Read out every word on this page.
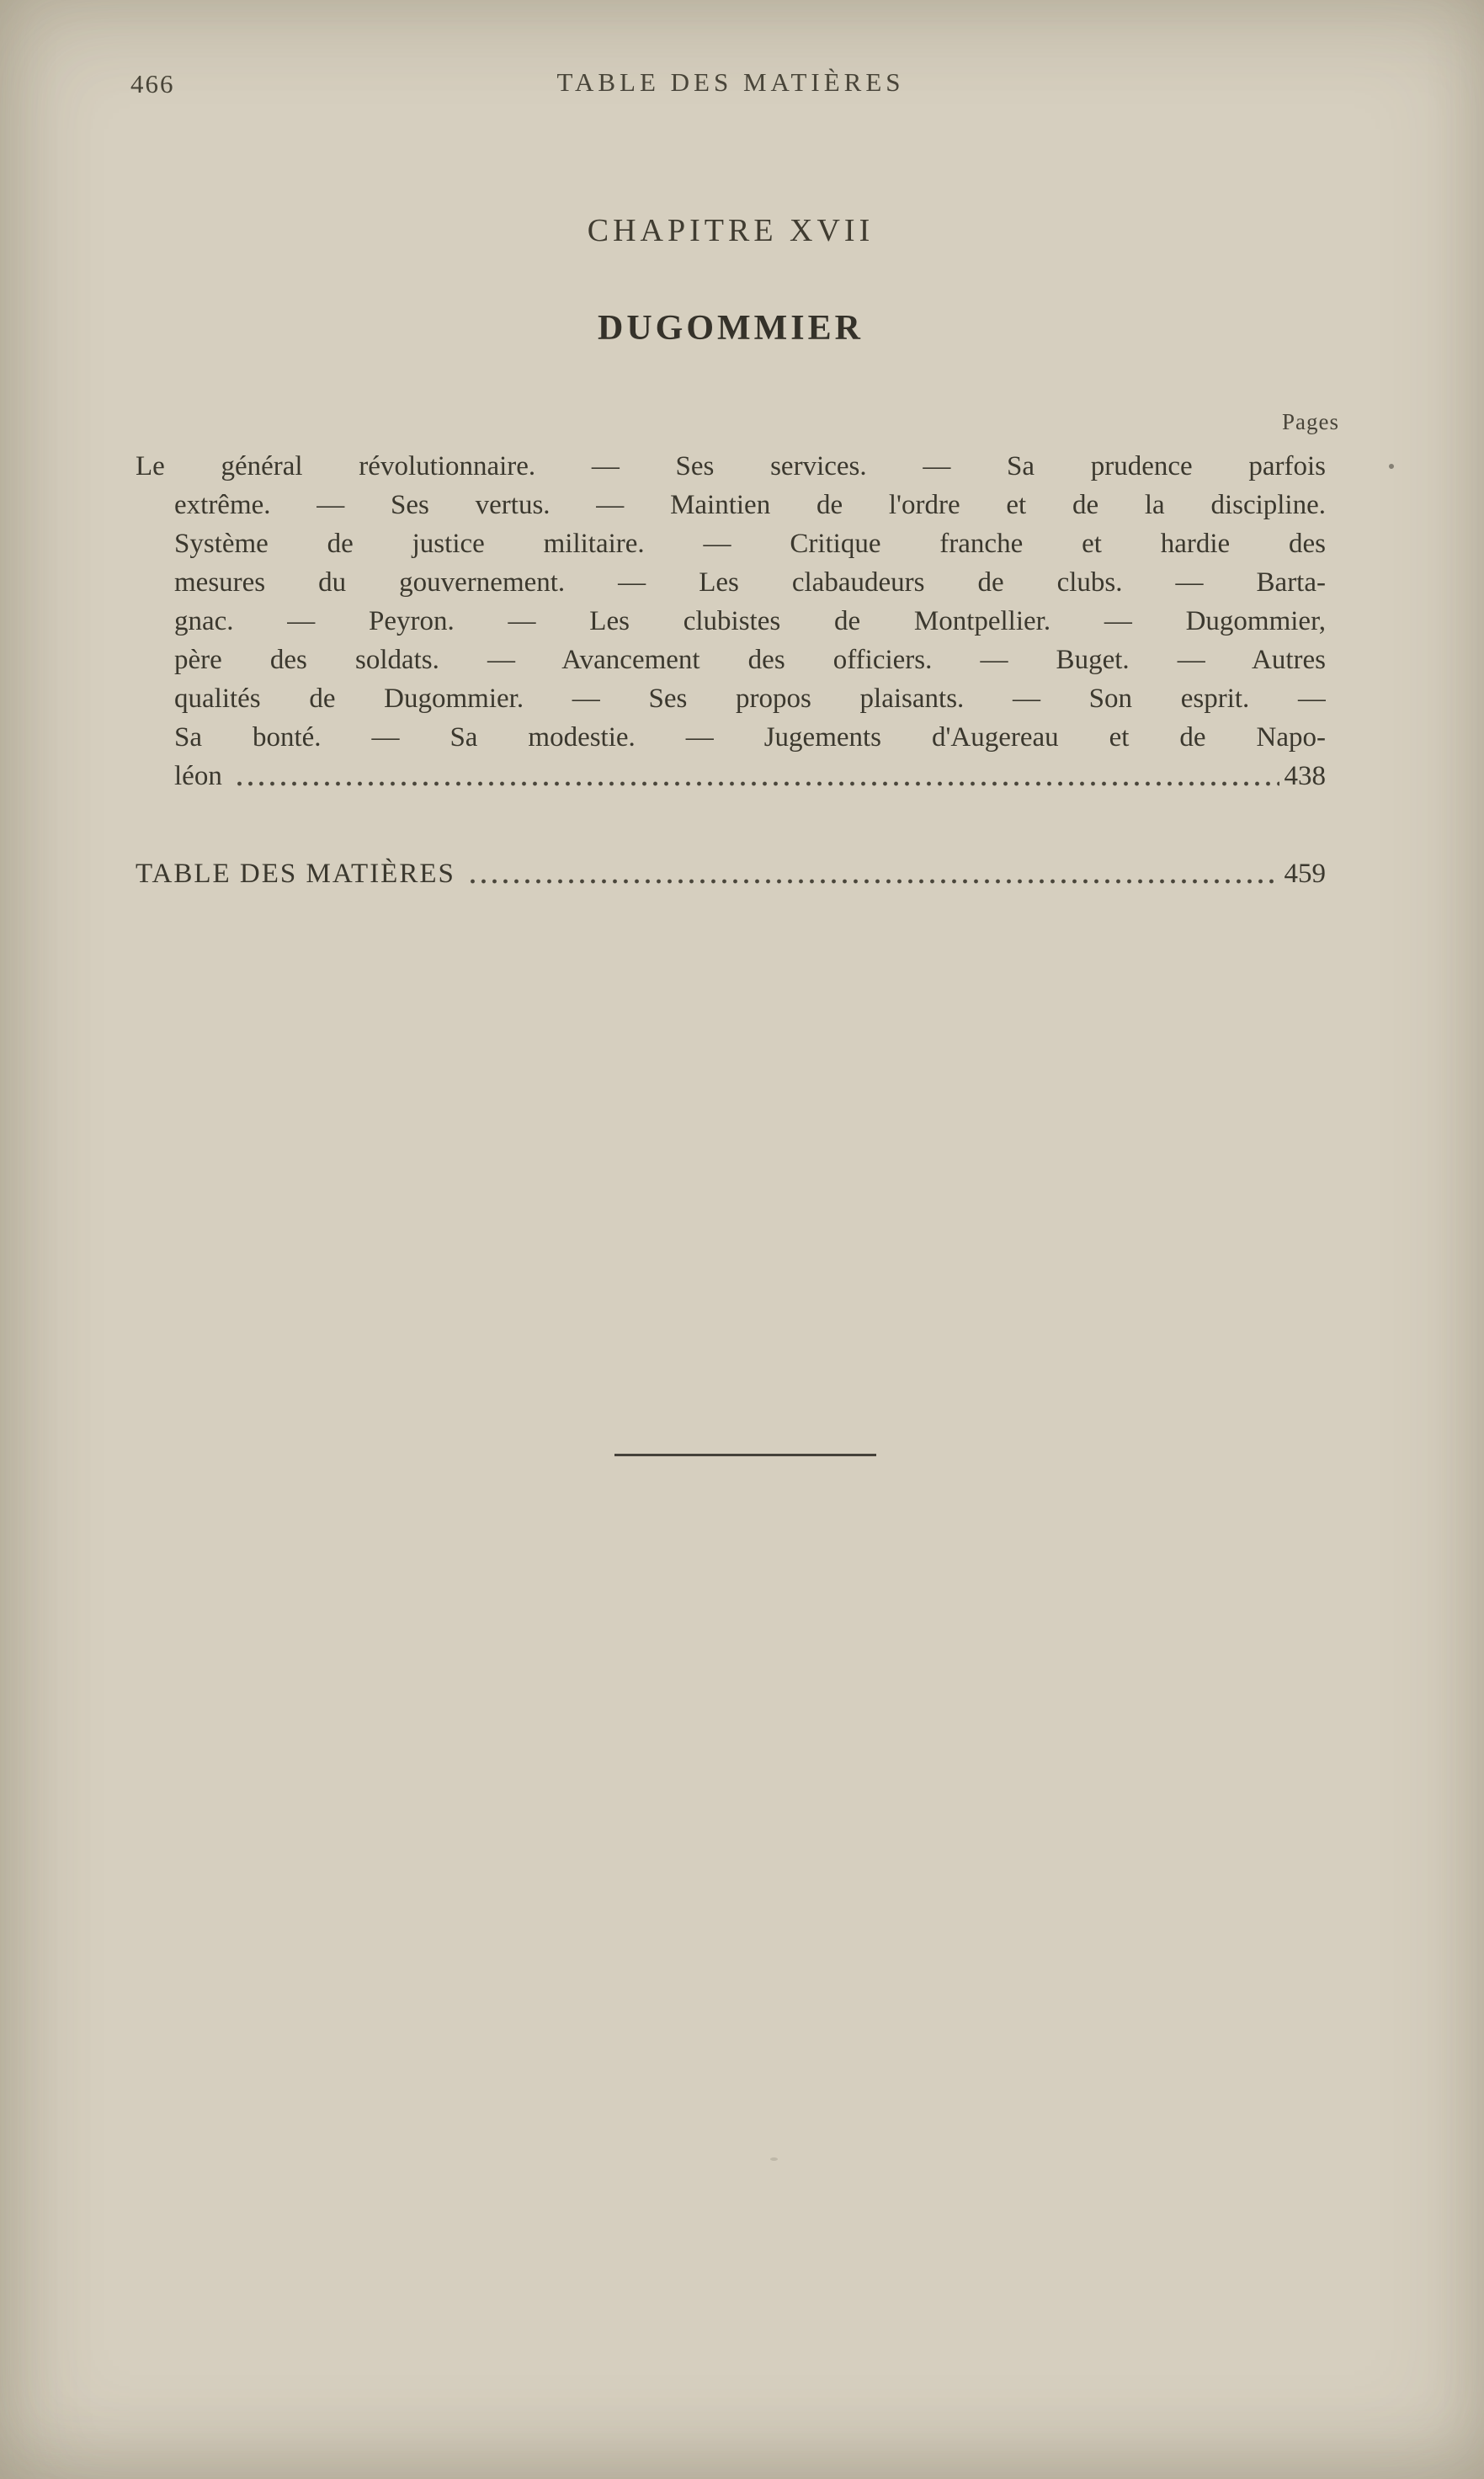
466	TABLE DES MATIÈRES
CHAPITRE XVII
DUGOMMIER
Pages
Le général révolutionnaire. — Ses services. — Sa prudence parfois
extrême. — Ses vertus. — Maintien de l'ordre et de la discipline.
Système de justice militaire. — Critique franche et hardie des
mesures du gouvernement. — Les clabaudeurs de clubs. — Barta-
gnac. — Peyron. — Les clubistes de Montpellier. — Dugommier,
père des soldats. — Avancement des officiers. — Buget. — Autres
qualités de Dugommier. — Ses propos plaisants. — Son esprit. —
Sa bonté. — Sa modestie. — Jugements d'Augereau et de Napo-
léon	438
TABLE DES MATIÈRES	459
